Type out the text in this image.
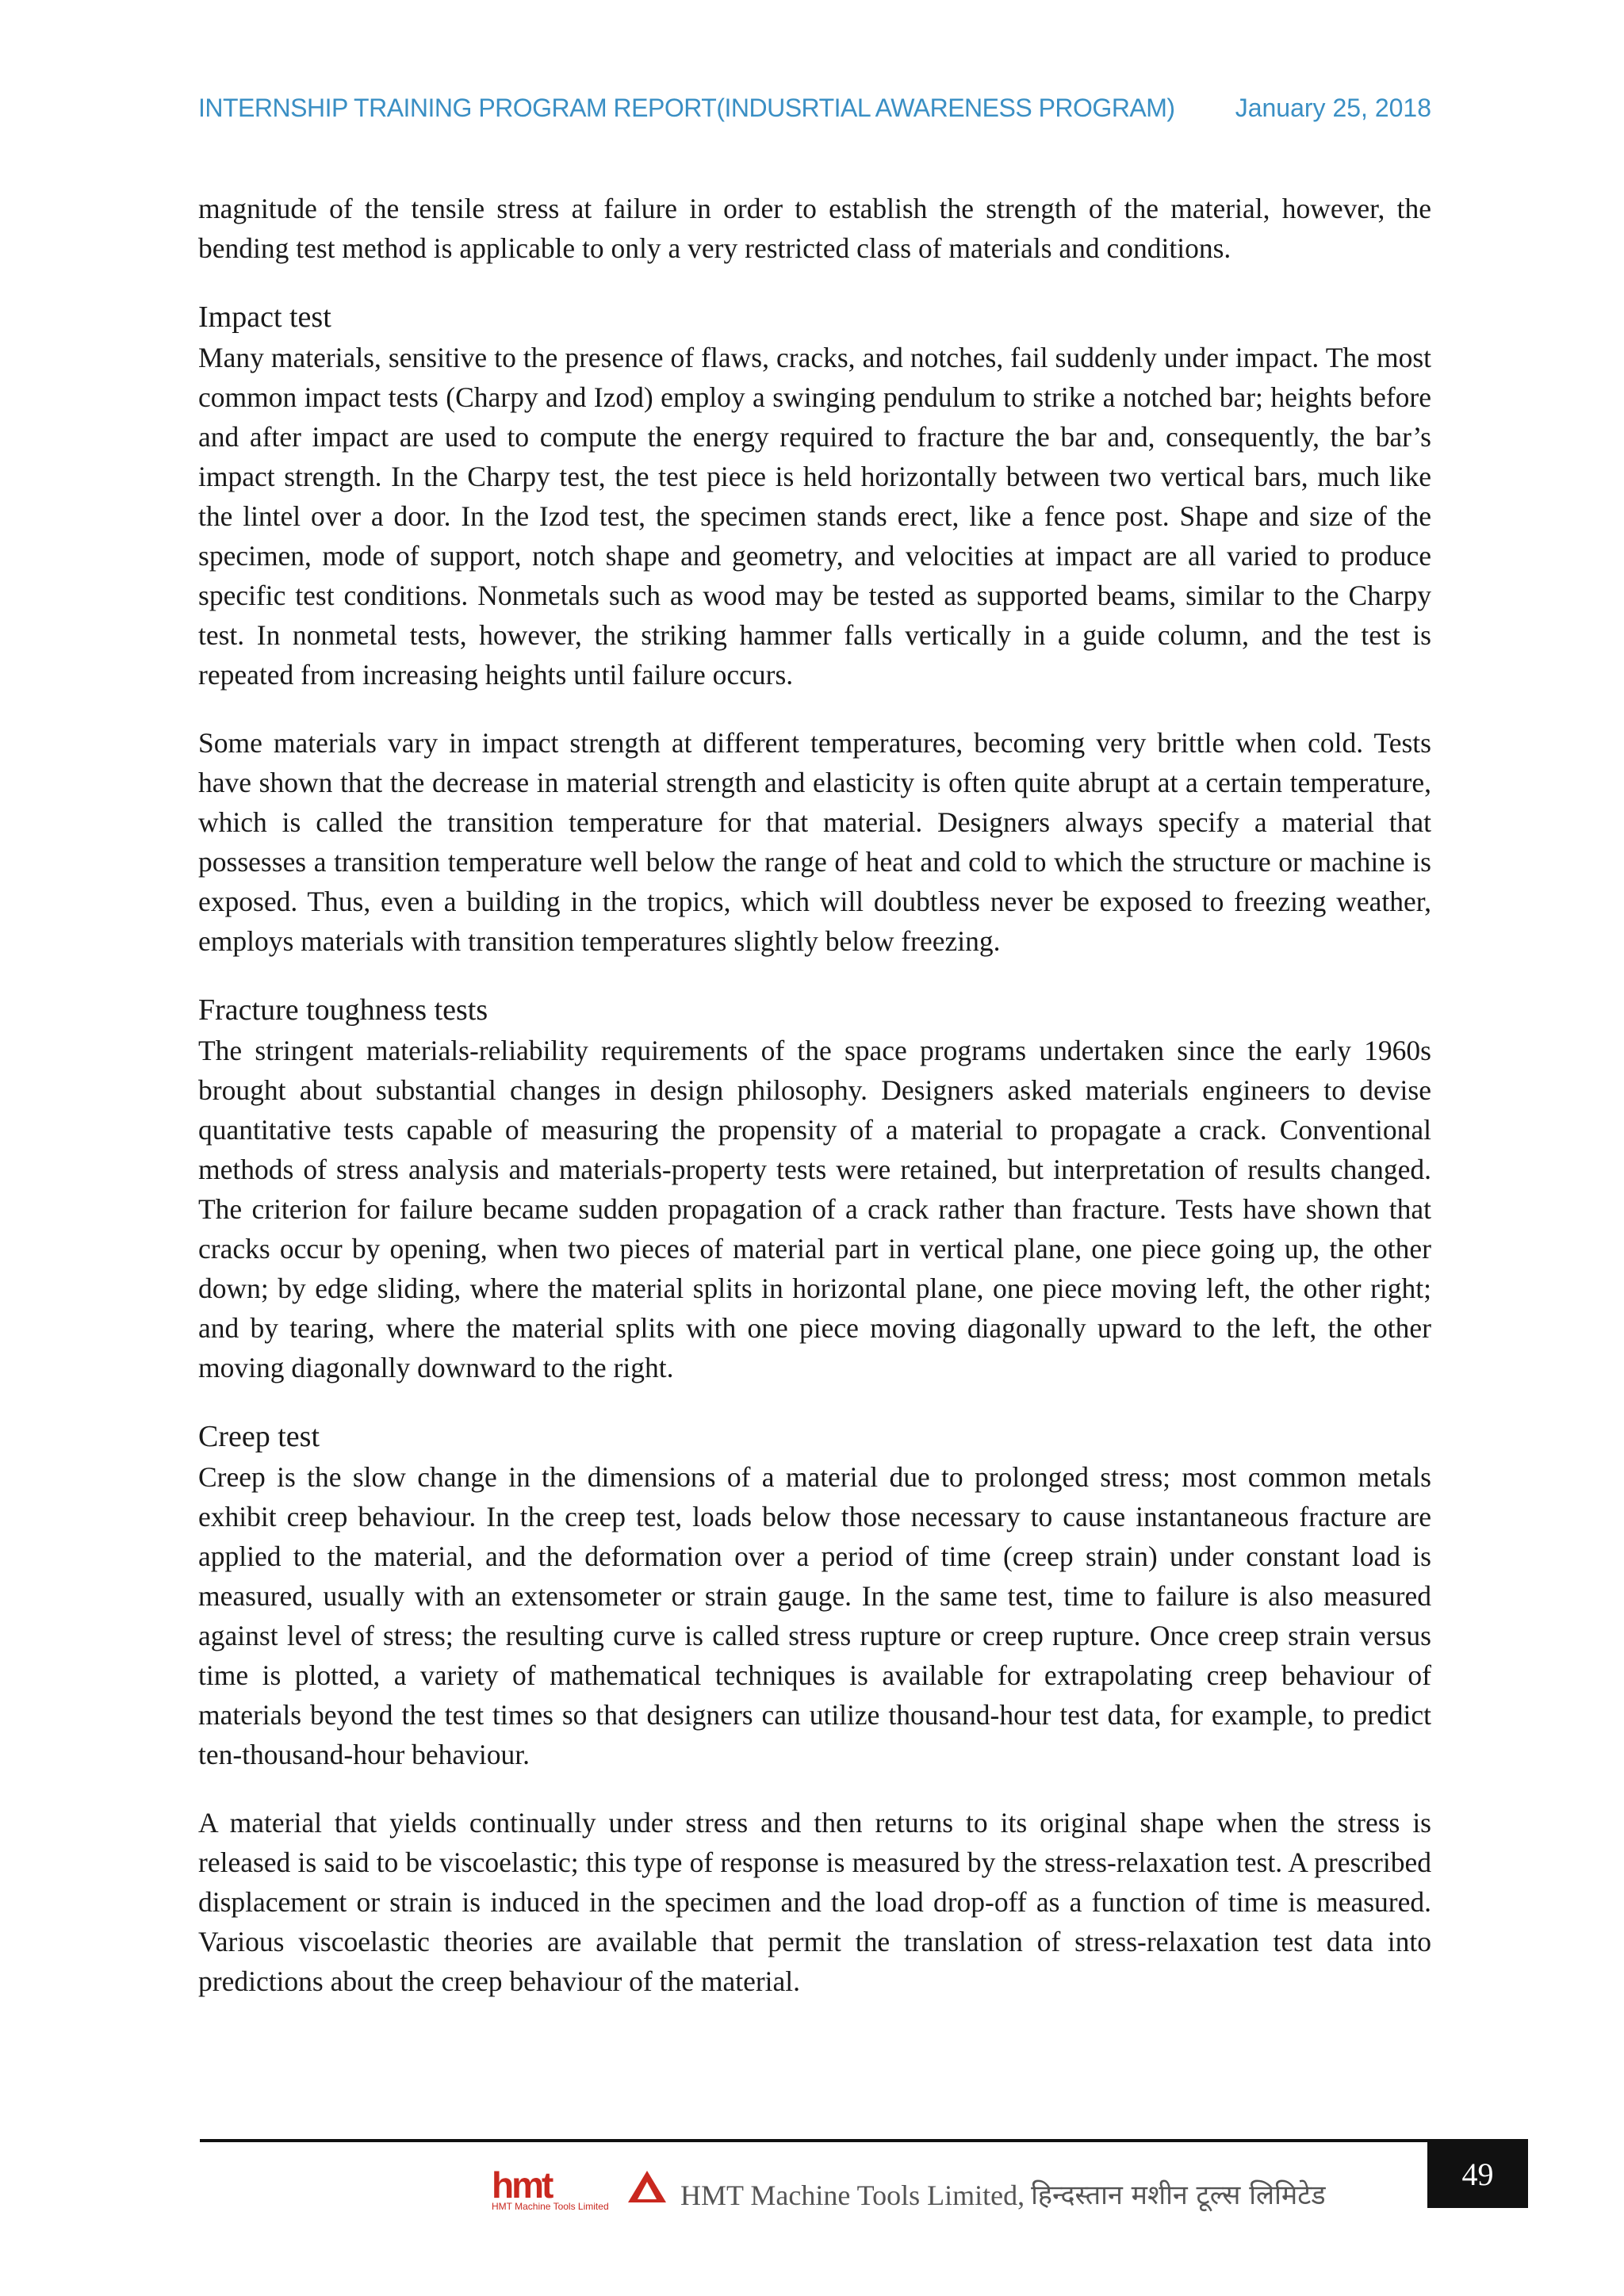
INTERNSHIP TRAINING PROGRAM REPORT(INDUSRTIAL AWARENESS PROGRAM) January 25, 2018

magnitude of the tensile stress at failure in order to establish the strength of the material, however, the bending test method is applicable to only a very restricted class of materials and conditions.

Impact test

Many materials, sensitive to the presence of flaws, cracks, and notches, fail suddenly under impact. The most common impact tests (Charpy and Izod) employ a swinging pendulum to strike a notched bar; heights before and after impact are used to compute the energy required to fracture the bar and, consequently, the bar’s impact strength. In the Charpy test, the test piece is held horizontally between two vertical bars, much like the lintel over a door. In the Izod test, the specimen stands erect, like a fence post. Shape and size of the specimen, mode of support, notch shape and geometry, and velocities at impact are all varied to produce specific test conditions. Nonmetals such as wood may be tested as supported beams, similar to the Charpy test. In nonmetal tests, however, the striking hammer falls vertically in a guide column, and the test is repeated from increasing heights until failure occurs.

Some materials vary in impact strength at different temperatures, becoming very brittle when cold. Tests have shown that the decrease in material strength and elasticity is often quite abrupt at a certain temperature, which is called the transition temperature for that material. Designers always specify a material that possesses a transition temperature well below the range of heat and cold to which the structure or machine is exposed. Thus, even a building in the tropics, which will doubtless never be exposed to freezing weather, employs materials with transition temperatures slightly below freezing.

Fracture toughness tests

The stringent materials-reliability requirements of the space programs undertaken since the early 1960s brought about substantial changes in design philosophy. Designers asked materials engineers to devise quantitative tests capable of measuring the propensity of a material to propagate a crack. Conventional methods of stress analysis and materials-property tests were retained, but interpretation of results changed. The criterion for failure became sudden propagation of a crack rather than fracture. Tests have shown that cracks occur by opening, when two pieces of material part in vertical plane, one piece going up, the other down; by edge sliding, where the material splits in horizontal plane, one piece moving left, the other right; and by tearing, where the material splits with one piece moving diagonally upward to the left, the other moving diagonally downward to the right.

Creep test

Creep is the slow change in the dimensions of a material due to prolonged stress; most common metals exhibit creep behaviour. In the creep test, loads below those necessary to cause instantaneous fracture are applied to the material, and the deformation over a period of time (creep strain) under constant load is measured, usually with an extensometer or strain gauge. In the same test, time to failure is also measured against level of stress; the resulting curve is called stress rupture or creep rupture. Once creep strain versus time is plotted, a variety of mathematical techniques is available for extrapolating creep behaviour of materials beyond the test times so that designers can utilize thousand-hour test data, for example, to predict ten-thousand-hour behaviour.

A material that yields continually under stress and then returns to its original shape when the stress is released is said to be viscoelastic; this type of response is measured by the stress-relaxation test. A prescribed displacement or strain is induced in the specimen and the load drop-off as a function of time is measured. Various viscoelastic theories are available that permit the translation of stress-relaxation test data into predictions about the creep behaviour of the material.

hmt
HMT Machine Tools Limited	HMT Machine Tools Limited, हिन्दस्तान मशीन टूल्स लिमिटेड
49
